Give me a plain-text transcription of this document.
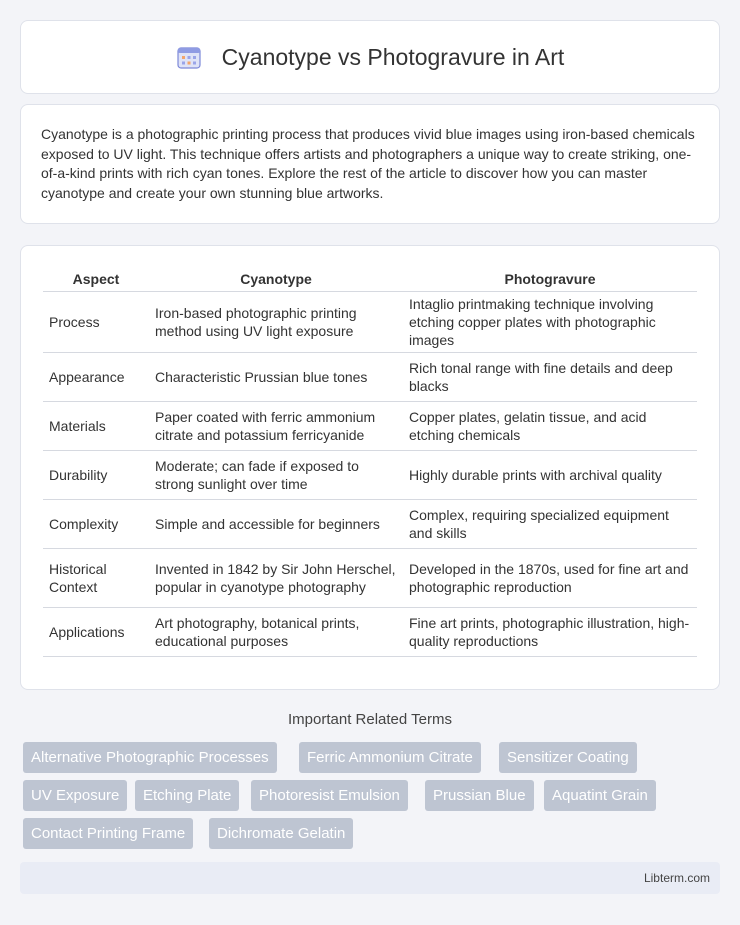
Cyanotype vs Photogravure in Art

Cyanotype is a photographic printing process that produces vivid blue images using iron-based chemicals exposed to UV light. This technique offers artists and photographers a unique way to create striking, one-of-a-kind prints with rich cyan tones. Explore the rest of the article to discover how you can master cyanotype and create your own stunning blue artworks.

Aspect	Cyanotype	Photogravure
Process	Iron-based photographic printing method using UV light exposure	Intaglio printmaking technique involving etching copper plates with photographic images
Appearance	Characteristic Prussian blue tones	Rich tonal range with fine details and deep blacks
Materials	Paper coated with ferric ammonium citrate and potassium ferricyanide	Copper plates, gelatin tissue, and acid etching chemicals
Durability	Moderate; can fade if exposed to strong sunlight over time	Highly durable prints with archival quality
Complexity	Simple and accessible for beginners	Complex, requiring specialized equipment and skills
Historical Context	Invented in 1842 by Sir John Herschel, popular in cyanotype photography	Developed in the 1870s, used for fine art and photographic reproduction
Applications	Art photography, botanical prints, educational purposes	Fine art prints, photographic illustration, high-quality reproductions
Important Related Terms
Alternative Photographic Processes	Ferric Ammonium Citrate	Sensitizer Coating
UV Exposure	Etching Plate	Photoresist Emulsion	Prussian Blue	Aquatint Grain
Contact Printing Frame	Dichromate Gelatin
Libterm.com
